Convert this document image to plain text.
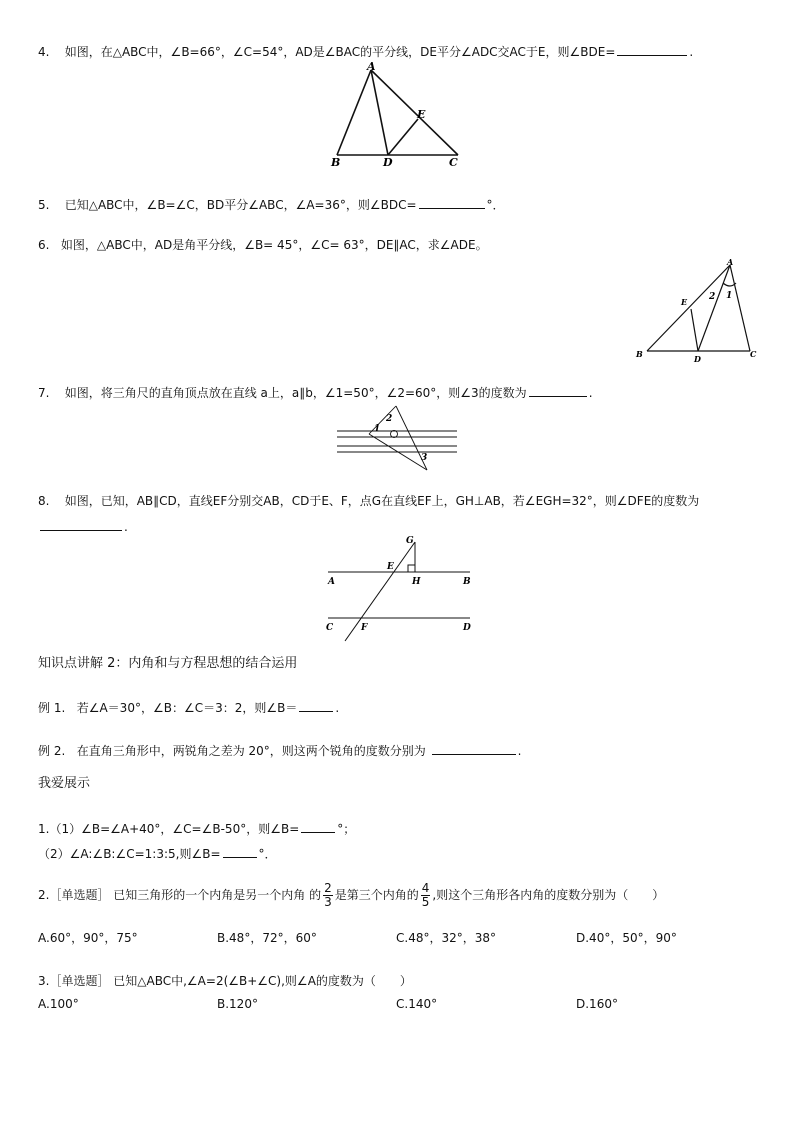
4. 如图，在△ABC中，∠B=66°，∠C=54°，AD是∠BAC的平分线，DE平分∠ADC交AC于E，则∠BDE=	.
A
B	C
D
E
5. 已知△ABC中，∠B=∠C，BD平分∠ABC，∠A=36°，则∠BDC=	°．
6. 如图，△ABC中，AD是角平分线，∠B= 45°，∠C= 63°，DE∥AC，求∠ADE。
A
B	C
D
E
1
2
7. 如图，将三角尺的直角顶点放在直线 a上，a∥b，∠1=50°，∠2=60°，则∠3的度数为	.
1
2
3
8. 如图，已知，AB∥CD，直线EF分别交AB，CD于E、F，点G在直线EF上，GH⊥AB，若∠EGH=32°，则∠DFE的度数为
.
G
E
H
A	B
C	F	D
知识点讲解 2：内角和与方程思想的结合运用
例 1. 若∠A＝30°，∠B：∠C＝3：2，则∠B＝	.
例 2. 在直角三角形中，两锐角之差为 20°，则这两个锐角的度数分别为	.
我爱展示
1.（1）∠B=∠A+40°，∠C=∠B-50°，则∠B=	°；
（2）∠A:∠B:∠C=1:3:5,则∠B=	°．
2.［单选题］ 已知三角形的一个内角是另一个内角 的 $\frac{2}{3}$ 是第三个内角的 $\frac{4}{5}$ ,则这个三角形各内角的度数分别为（　　）
A.60°，90°，75°	B.48°，72°，60°	C.48°，32°，38°	D.40°，50°，90°
3.［单选题］ 已知△ABC中,∠A=2(∠B+∠C),则∠A的度数为（　　）
A.100°	B.120°	C.140°	D.160°
